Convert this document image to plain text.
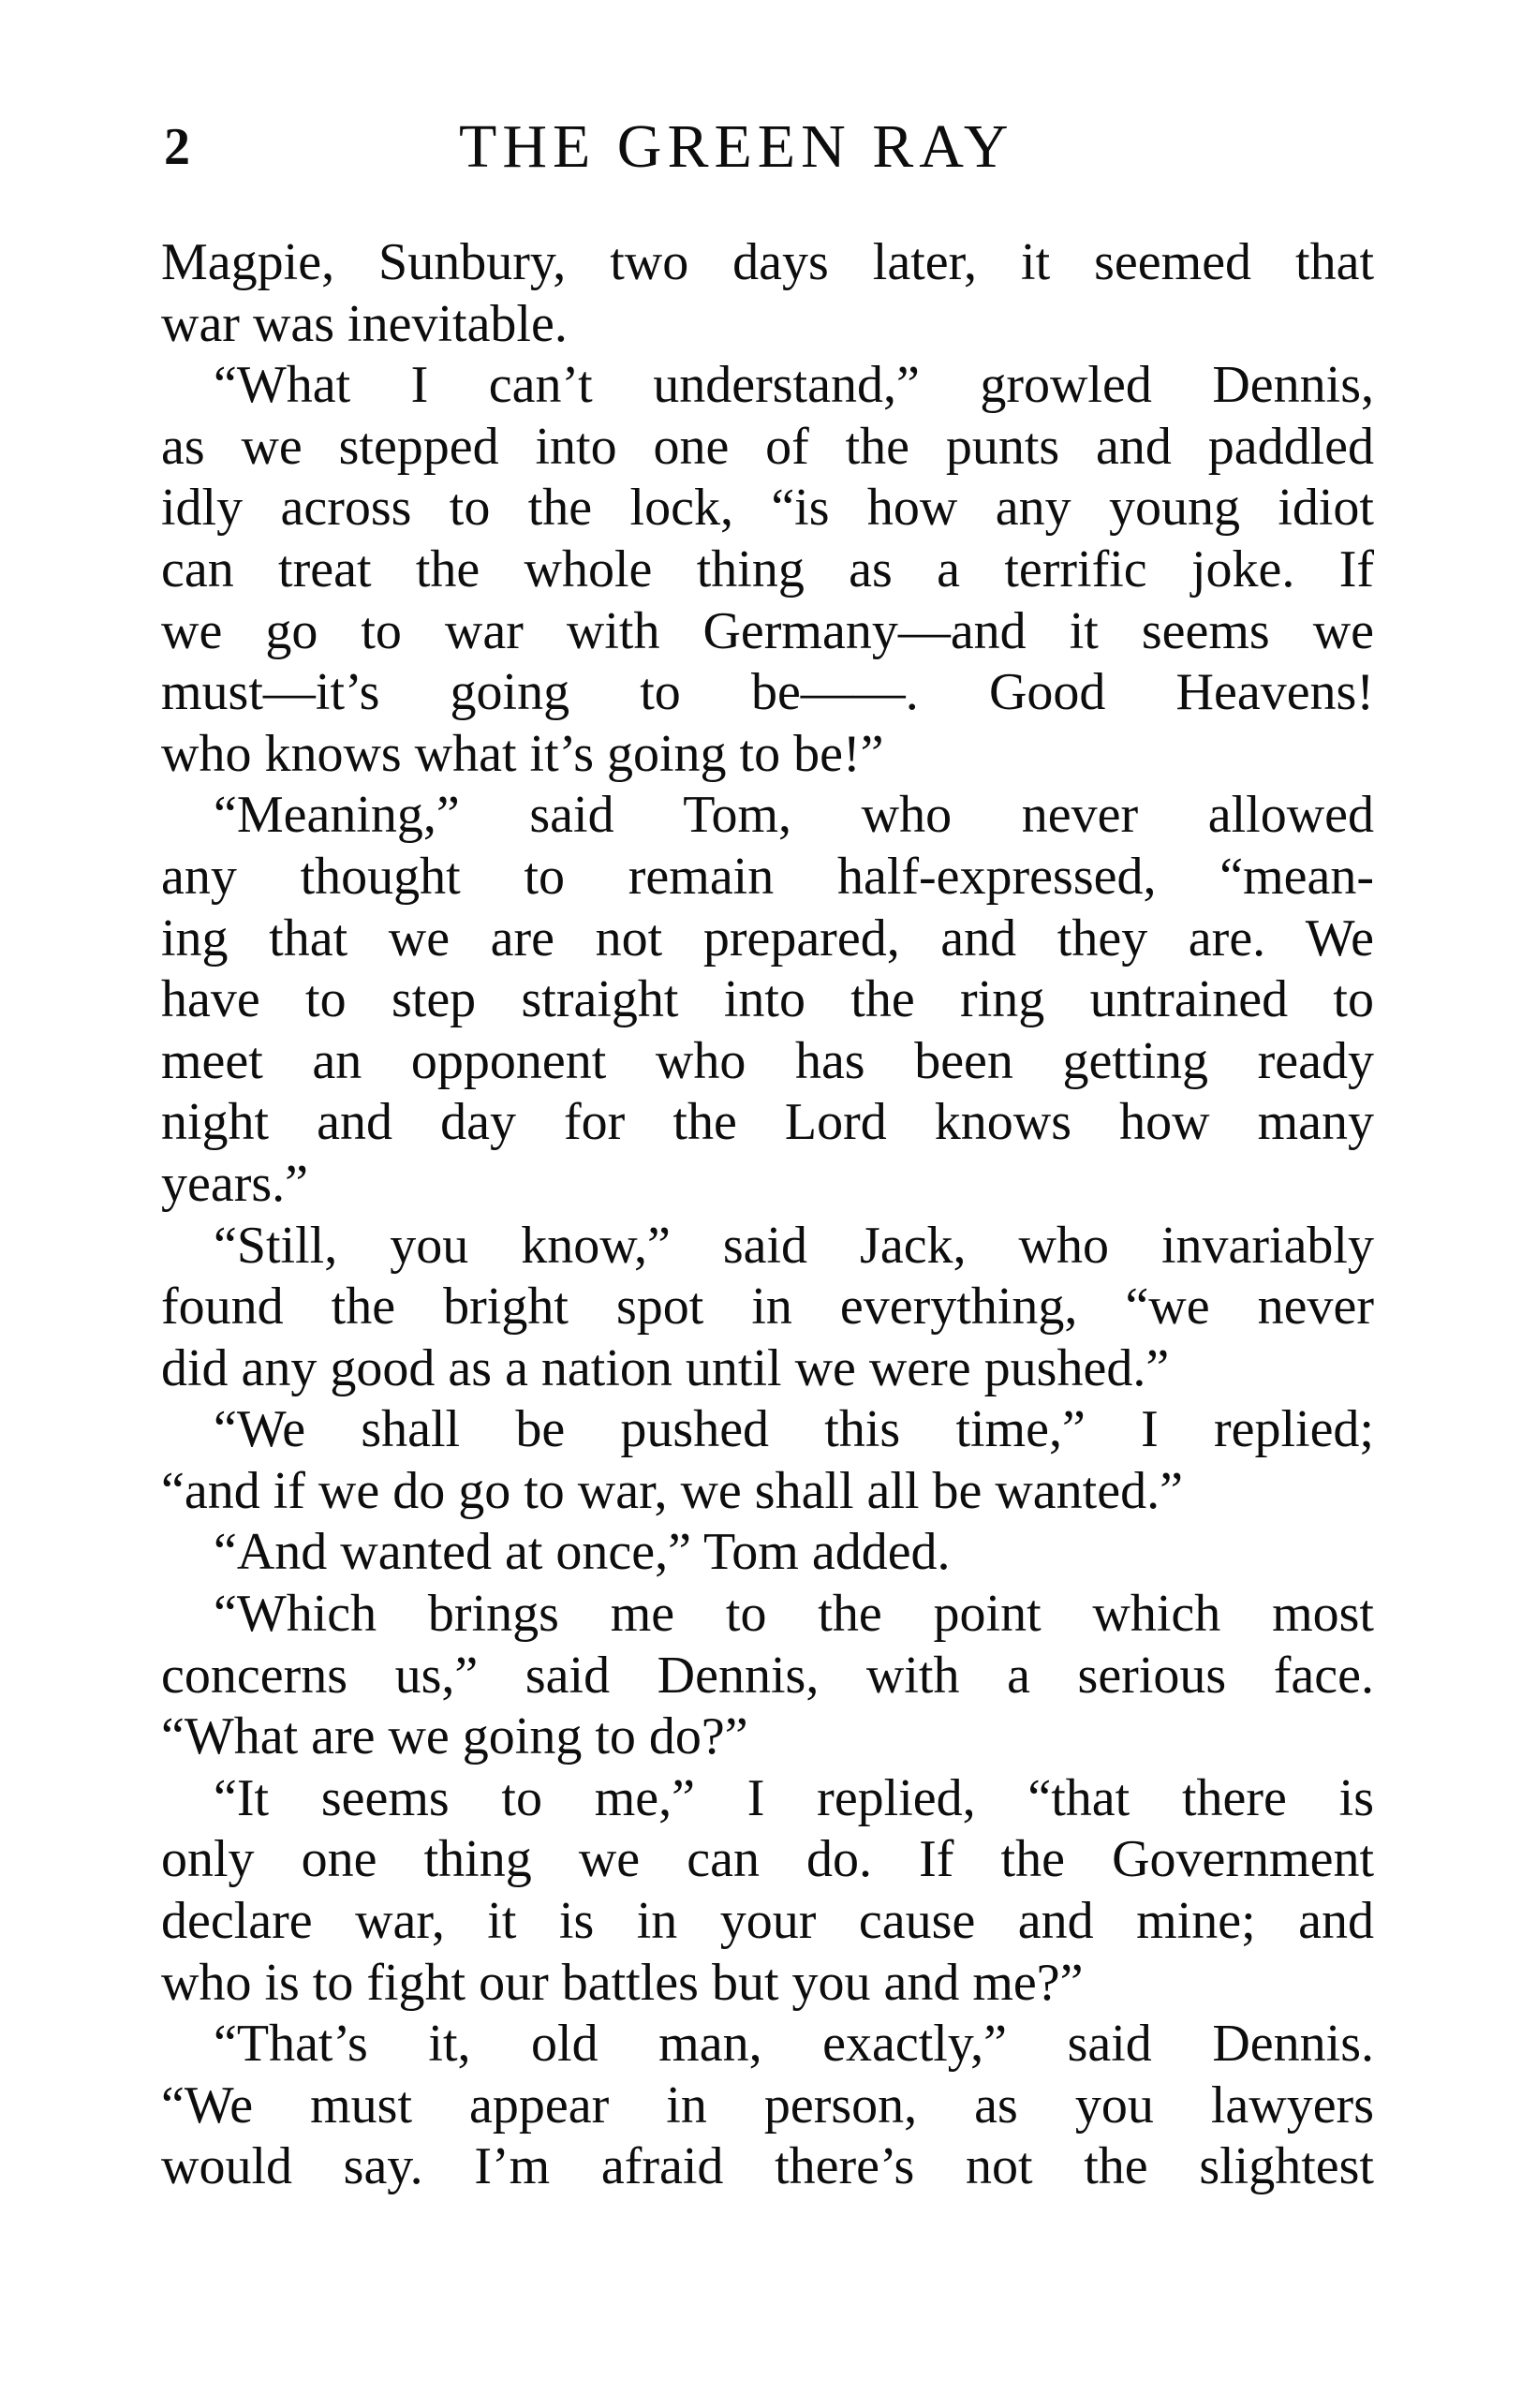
2	THE GREEN RAY
Magpie, Sunbury, two days later, it seemed that
war was inevitable.
“What I can’t understand,” growled Dennis,
as we stepped into one of the punts and paddled
idly across to the lock, “is how any young idiot
can treat the whole thing as a terrific joke. If
we go to war with Germany—and it seems we
must—it’s going to be——. Good Heavens!
who knows what it’s going to be!”
“Meaning,” said Tom, who never allowed
any thought to remain half-expressed, “mean-
ing that we are not prepared, and they are. We
have to step straight into the ring untrained to
meet an opponent who has been getting ready
night and day for the Lord knows how many
years.”
“Still, you know,” said Jack, who invariably
found the bright spot in everything, “we never
did any good as a nation until we were pushed.”
“We shall be pushed this time,” I replied;
“and if we do go to war, we shall all be wanted.”
“And wanted at once,” Tom added.
“Which brings me to the point which most
concerns us,” said Dennis, with a serious face.
“What are we going to do?”
“It seems to me,” I replied, “that there is
only one thing we can do. If the Government
declare war, it is in your cause and mine; and
who is to fight our battles but you and me?”
“That’s it, old man, exactly,” said Dennis.
“We must appear in person, as you lawyers
would say. I’m afraid there’s not the slightest
